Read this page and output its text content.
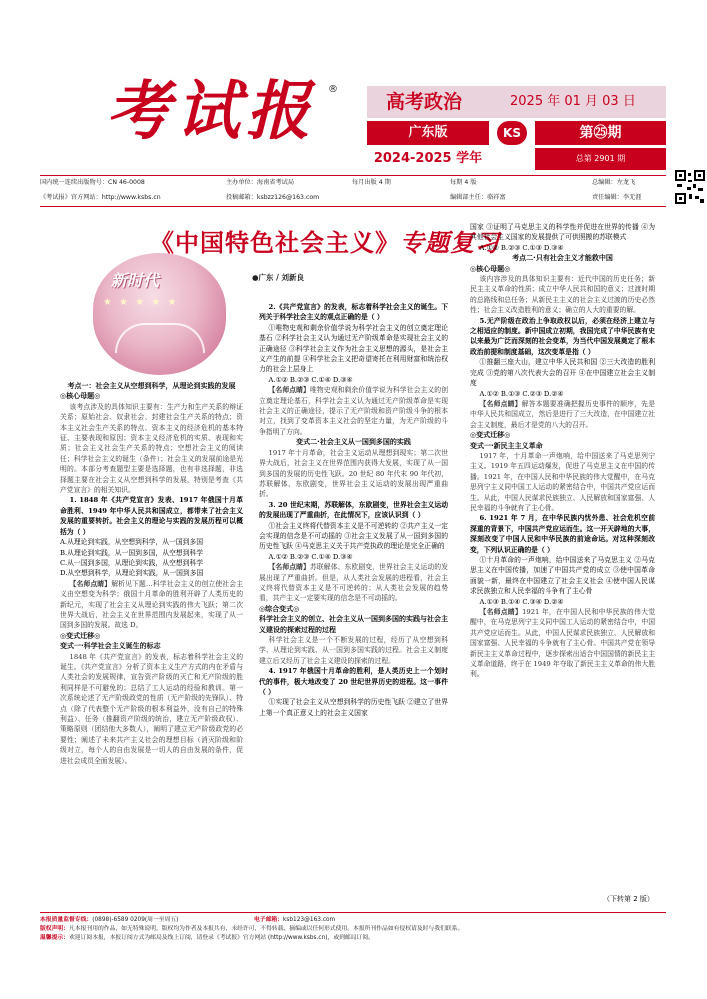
考试报 ®
高考政治	2025 年 01 月 03 日
广东版	KS	第㉕期
2024-2025 学年	总第 2901 期
国内统一连续出版物号：CN 46-0008	主办单位：海南省考试局	每月出版 4 期	每期 4 版	总编辑：左龙飞
《考试报》官方网站：http://www.ksbs.cn	投稿邮箱：ksbzz126@163.com	编辑部主任：骆祥富	责任编辑：李无涯
《中国特色社会主义》专题复习
●广东 / 刘新良
新时代
★ ★ ★ ★ ★

考点一：社会主义从空想到科学，从理论到实践的发展

◎核心母题◎

该考点涉及的具体知识主要有：生产力和生产关系的辩证关系；原始社会、奴隶社会、封建社会生产关系的特点；资本主义社会生产关系的特点、资本主义的经济危机的基本特征、主要表现和原因；资本主义经济危机的实质、表现和实质；社会主义社会生产关系的特点；空想社会主义的阅读任；科学社会主义的诞生（条件）；社会主义的发展前途是光明的。本部分考查题型主要是选择题，也有非选择题，非选择题主要在社会主义从空想到科学的发展，特别是考查《共产党宣言》的相关知识。

1. 1848 年《共产党宣言》发表、1917 年俄国十月革命胜利、1949 年中华人民共和国成立，都带来了社会主义发展的重要转折。社会主义的理论与实践的发展历程可以概括为（ ）

A.从理论到实践，从空想到科学，从一国到多国

B.从理论到实践，从一国到多国，从空想到科学

C.从一国到多国，从理论到实践，从空想到科学

D.从空想到科学，从理论到实践，从一国到多国

【名师点睛】解析见下题…科学社会主义的创立使社会主义由空想变为科学；俄国十月革命的胜利开辟了人类历史的新纪元，实现了社会主义从理论到实践的伟大飞跃；第二次世界大战后，社会主义在世界范围内发展起来，实现了从一国到多国的发展。故选 D。

◎变式迁移◎

变式一·科学社会主义诞生的标志

1848 年《共产党宣言》的发表，标志着科学社会主义的诞生。《共产党宣言》分析了资本主义生产方式的内在矛盾与人类社会的发展规律，宣告资产阶级的灭亡和无产阶级的胜利同样是不可避免的；总结了工人运动的经验和教训。第一次系统论述了无产阶级政党的性质（无产阶级的先锋队）、特点（除了代表整个无产阶级的根本利益外，没有自己的特殊利益）、任务（推翻资产阶级的统治，建立无产阶级政权）、策略原则（团结他大多数人），阐明了建立无产阶级政党的必要性；阐述了未来共产主义社会的理想目标（消灭阶级和阶级对立，每个人的自由发展是一切人的自由发展的条件，促进社会成员全面发展）。

2.《共产党宣言》的发表，标志着科学社会主义的诞生。下列关于科学社会主义的观点正确的是（ ）

①唯物史观和剩余价值学说为科学社会主义的创立奠定理论基石 ②科学社会主义认为通过无产阶级革命是实现社会主义的正确途径 ③科学社会主义作为社会主义思想的源头，是社会主义产生的前提 ④科学社会主义把奇望寄托在利用财富和统治权力的社会上层身上

A.①② B.②③ C.①④ D.③④

【名师点睛】唯物史观和剩余价值学说为科学社会主义的创立奠定理论基石，科学社会主义认为通过无产阶级革命是实现社会主义的正确途径，提示了无产阶级和资产阶级斗争的根本对立，找到了变革资本主义社会的坚定力量，为无产阶级的斗争指明了方向。

变式二·社会主义从一国到多国的实践

1917 年十月革命，社会主义运动从理想到现实；第二次世界大战后，社会主义在世界范围内获得大发展，实现了从一国到多国的发展的历史性飞跃。20 世纪 80 年代末 90 年代初，苏联解体、东欧剧变，世界社会主义运动的发展出现严重曲折。

3. 20 世纪末期，苏联解体，东欧剧变，世界社会主义运动的发展出现了严重曲折，在此情况下，应该认识到（ ）

①社会主义终将代替资本主义是不可逆转的 ②共产主义一定会实现的信念是不可动摇的 ③社会主义发展了从一国到多国的历史性飞跃 ④马克思主义关于共产党执政的理论是完全正确的

A.①② B.②③ C.①④ D.③④

【名师点睛】苏联解体、东欧剧变，世界社会主义运动的发展出现了严重曲折。但是，从人类社会发展的进程看，社会主义终将代替资本主义是不可逆转的；从人类社会发展的趋势看，共产主义一定要实现的信念是不可动摇的。

◎综合变式◎

科学社会主义的创立、社会主义从一国到多国的实践与社会主义建设的探索过程的过程

科学社会主义是一个不断发展的过程，经历了从空想到科学、从理论到实践、从一国到多国实践的过程。社会主义制度建立后又经历了社会主义建设的探索的过程。

4. 1917 年俄国十月革命的胜利，是人类历史上一个划时代的事件，极大地改变了 20 世纪世界历史的进程。这一事件（ ）

①实现了社会主义从空想到科学的历史性飞跃 ②建立了世界上第一个真正意义上的社会主义国家

国家 ③证明了马克思主义的科学性并促进在世界的传播 ④为其他社会主义国家的发展提供了可供照搬的苏联模式

A.①② B.②③ C.①③ D.③④

考点二·只有社会主义才能救中国

◎核心母题◎

该内容涉及的具体知识主要有：近代中国的历史任务；新民主主义革命的性质；成立中华人民共和国的意义；过渡时期的总路线和总任务；从新民主主义的社会主义过渡的历史必然性；社会主义改造胜利的意义；确立的人大的重要的解。

5.无产阶级在政治上争取政权以后，必须在经济上建立与之相适应的制度。新中国成立初期，我国完成了中华民族有史以来最为广泛而深刻的社会变革，为当代中国发展奠定了根本政治前提和制度基础，这次变革是指（ ）

①推翻三座大山，建立中华人民共和国 ②三大改造的胜利完成 ③党的第八次代表大会的召开 ④在中国建立社会主义制度

A.①② B.①③ C.②③ D.②④

【名师点睛】解答本题要准确把握历史事件的顺序，先是中华人民共和国成立，然后是进行了三大改造，在中国建立社会主义制度，最后才是党的八大的召开。

◎变式迁移◎

变式一·新民主主义革命

1917 年，十月革命一声炮响，给中国送来了马克思列宁主义。1919 年五四运动爆发，促进了马克思主义在中国的传播。1921 年，在中国人民和中华民族的伟大觉醒中，在马克思列宁主义同中国工人运动的紧密结合中，中国共产党应运而生。从此，中国人民谋求民族独立、人民解放和国家富强、人民幸福的斗争就有了主心骨。

6. 1921 年 7 月，在中华民族内忧外患、社会危机空前深重的背景下，中国共产党应运而生。这一开天辟地的大事，深刻改变了中国人民和中华民族的前途命运。对这种深刻改变，下列认识正确的是（ ）

①十月革命的一声炮响，给中国送来了马克思主义 ②马克思主义在中国传播，加速了中国共产党的成立 ③使中国革命面貌一新，最终在中国建立了社会主义社会 ④使中国人民谋求民族独立和人民幸福的斗争有了主心骨

A.①③ B.①④ C.③④ D.②④

【名师点睛】1921 年，在中国人民和中华民族的伟大觉醒中，在马克思列宁主义同中国工人运动的紧密结合中，中国共产党应运而生。从此，中国人民谋求民族独立、人民解放和国家富强、人民幸福的斗争就有了主心骨。中国共产党在领导新民主主义革命过程中，逐步探索出适合中国国情的新民主主义革命道路，终于在 1949 年夺取了新民主主义革命的伟大胜利。

（下转第 2 版）
本报质量监督专线：(0898)-6589 0209(周一至周五)	电子邮箱：ksb123@163.com
版权声明：凡本报刊用的作品，如无特殊说明，版权均为作者及本报共有，未经许可，不得转载、摘编或以任何形式使用。本报所刊作品如有侵权请及时与我们联系。
温馨提示：欢迎订阅本报，本报订阅方式为邮局及线上订阅，请登录《考试报》官方网站 (http://www.ksbs.cn)，或到邮局订阅。
